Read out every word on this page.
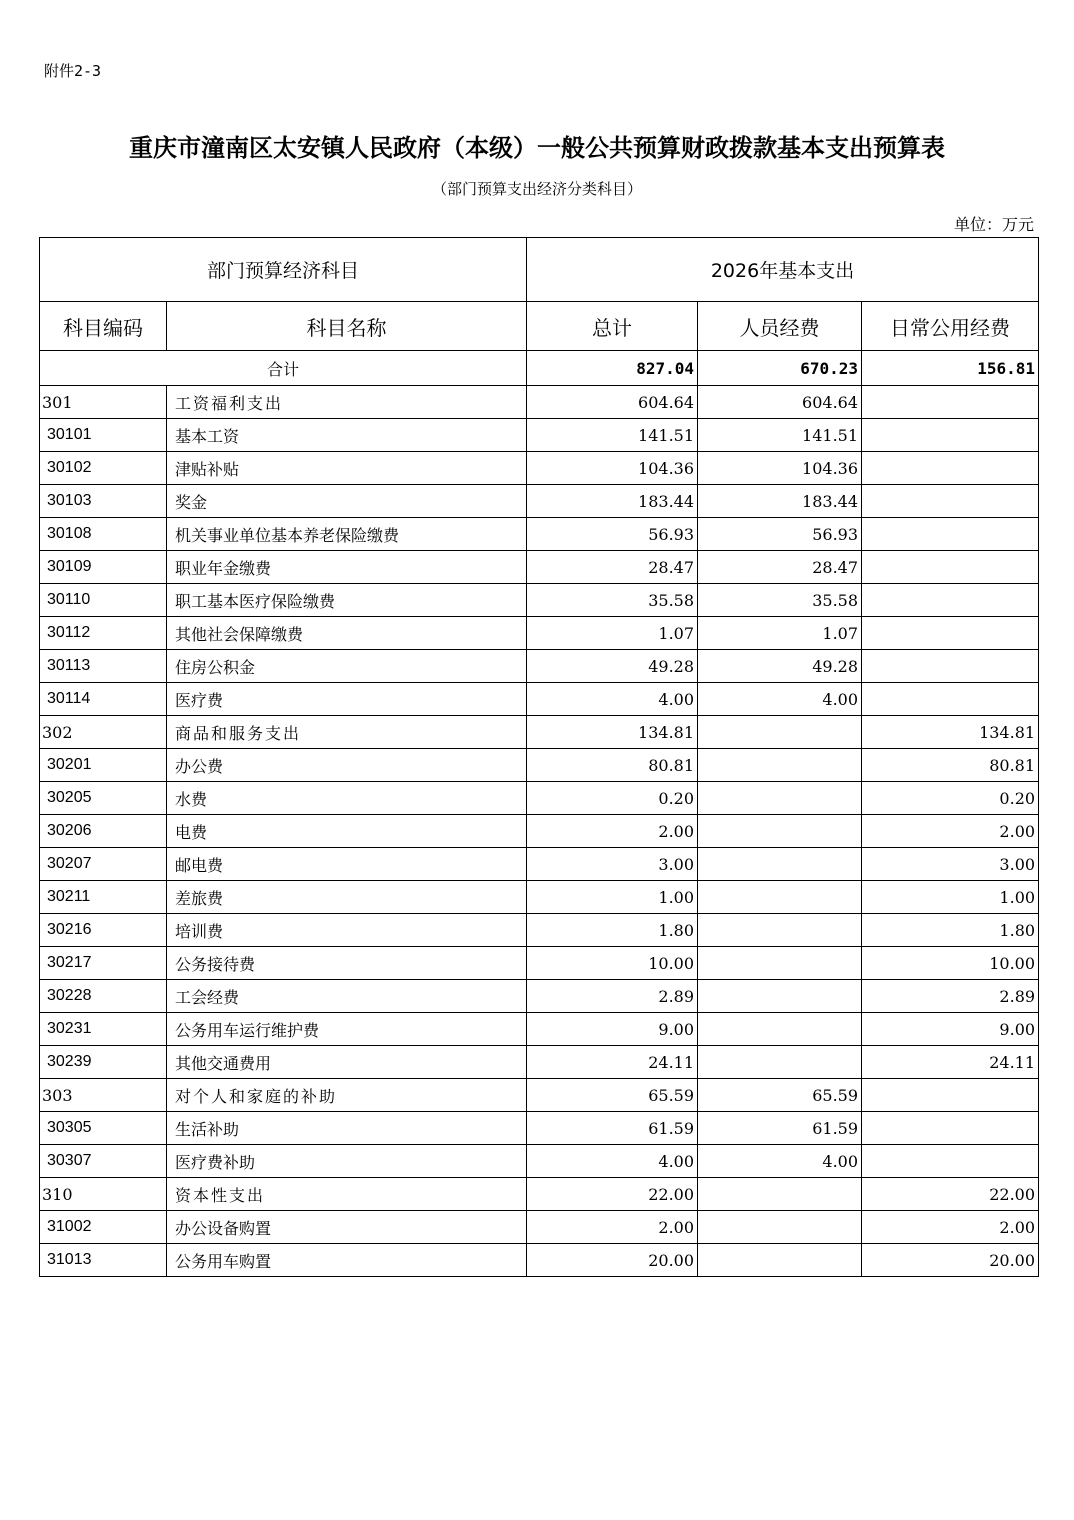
附件2-3
重庆市潼南区太安镇人民政府（本级）一般公共预算财政拨款基本支出预算表
（部门预算支出经济分类科目）
单位：万元
部门预算经济科目		2026年基本支出		
科目编码	科目名称	总计	人员经费	日常公用经费
合计		827.04	670.23	156.81
301	工资福利支出	604.64	604.64	
30101	基本工资	141.51	141.51	
30102	津贴补贴	104.36	104.36	
30103	奖金	183.44	183.44	
30108	机关事业单位基本养老保险缴费	56.93	56.93	
30109	职业年金缴费	28.47	28.47	
30110	职工基本医疗保险缴费	35.58	35.58	
30112	其他社会保障缴费	1.07	1.07	
30113	住房公积金	49.28	49.28	
30114	医疗费	4.00	4.00	
302	商品和服务支出	134.81		134.81
30201	办公费	80.81		80.81
30205	水费	0.20		0.20
30206	电费	2.00		2.00
30207	邮电费	3.00		3.00
30211	差旅费	1.00		1.00
30216	培训费	1.80		1.80
30217	公务接待费	10.00		10.00
30228	工会经费	2.89		2.89
30231	公务用车运行维护费	9.00		9.00
30239	其他交通费用	24.11		24.11
303	对个人和家庭的补助	65.59	65.59	
30305	生活补助	61.59	61.59	
30307	医疗费补助	4.00	4.00	
310	资本性支出	22.00		22.00
31002	办公设备购置	2.00		2.00
31013	公务用车购置	20.00		20.00
